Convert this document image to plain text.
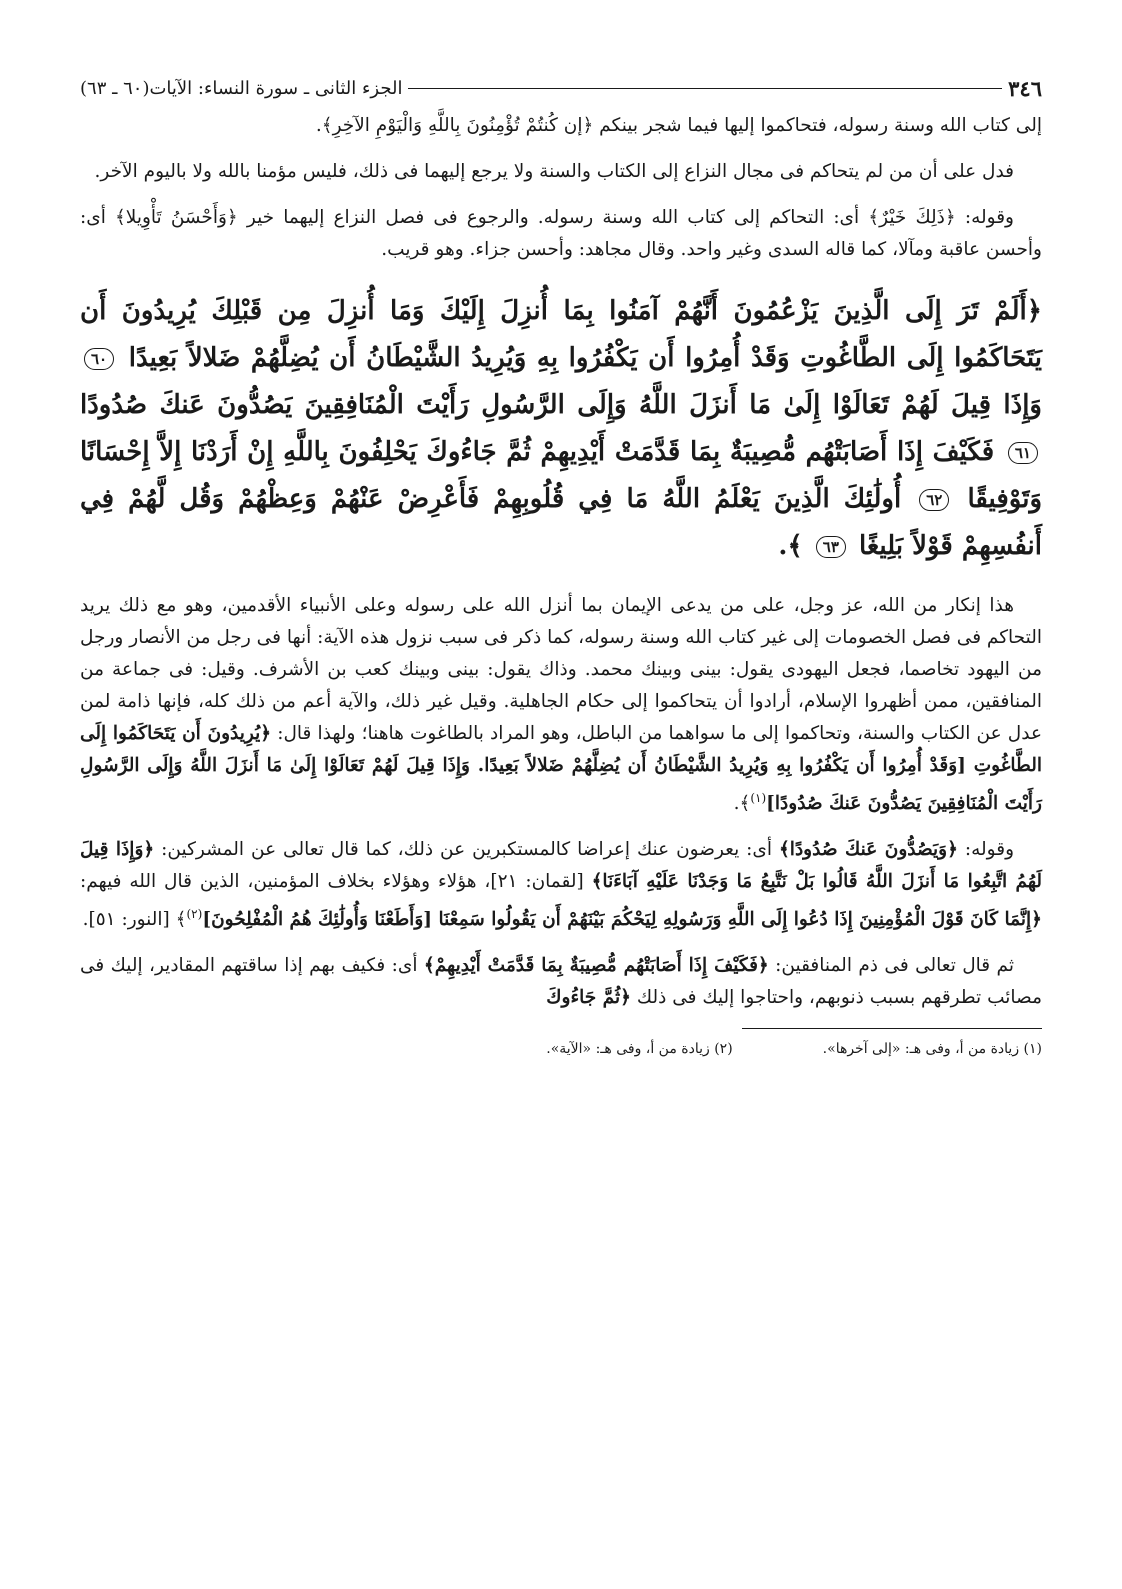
٣٤٦
الجزء الثانى ـ سورة النساء: الآيات(٦٠ ـ ٦٣)

إلى كتاب الله وسنة رسوله، فتحاكموا إليها فيما شجر بينكم ﴿إن كُنتُمْ تُؤْمِنُونَ بِاللَّهِ وَالْيَوْمِ الآخِرِ﴾.

فدل على أن من لم يتحاكم فى مجال النزاع إلى الكتاب والسنة ولا يرجع إليهما فى ذلك، فليس مؤمنا بالله ولا باليوم الآخر.

وقوله: ﴿ذَلِكَ خَيْرٌ﴾ أى: التحاكم إلى كتاب الله وسنة رسوله. والرجوع فى فصل النزاع إليهما خير ﴿وَأَحْسَنُ تَأْوِيلا﴾ أى: وأحسن عاقبة ومآلا، كما قاله السدى وغير واحد. وقال مجاهد: وأحسن جزاء. وهو قريب.

﴿أَلَمْ تَرَ إِلَى الَّذِينَ يَزْعُمُونَ أَنَّهُمْ آمَنُوا بِمَا أُنزِلَ إِلَيْكَ وَمَا أُنزِلَ مِن قَبْلِكَ يُرِيدُونَ أَن يَتَحَاكَمُوا إِلَى الطَّاغُوتِ وَقَدْ أُمِرُوا أَن يَكْفُرُوا بِهِ وَيُرِيدُ الشَّيْطَانُ أَن يُضِلَّهُمْ ضَلالاً بَعِيدًا ٦٠ وَإِذَا قِيلَ لَهُمْ تَعَالَوْا إِلَىٰ مَا أَنزَلَ اللَّهُ وَإِلَى الرَّسُولِ رَأَيْتَ الْمُنَافِقِينَ يَصُدُّونَ عَنكَ صُدُودًا ٦١ فَكَيْفَ إِذَا أَصَابَتْهُم مُّصِيبَةٌ بِمَا قَدَّمَتْ أَيْدِيهِمْ ثُمَّ جَاءُوكَ يَحْلِفُونَ بِاللَّهِ إِنْ أَرَدْنَا إِلاَّ إِحْسَانًا وَتَوْفِيقًا ٦٢ أُولَٰئِكَ الَّذِينَ يَعْلَمُ اللَّهُ مَا فِي قُلُوبِهِمْ فَأَعْرِضْ عَنْهُمْ وَعِظْهُمْ وَقُل لَّهُمْ فِي أَنفُسِهِمْ قَوْلاً بَلِيغًا ٦٣ ﴾.

هذا إنكار من الله، عز وجل، على من يدعى الإيمان بما أنزل الله على رسوله وعلى الأنبياء الأقدمين، وهو مع ذلك يريد التحاكم فى فصل الخصومات إلى غير كتاب الله وسنة رسوله، كما ذكر فى سبب نزول هذه الآية: أنها فى رجل من الأنصار ورجل من اليهود تخاصما، فجعل اليهودى يقول: بينى وبينك محمد. وذاك يقول: بينى وبينك كعب بن الأشرف. وقيل: فى جماعة من المنافقين، ممن أظهروا الإسلام، أرادوا أن يتحاكموا إلى حكام الجاهلية. وقيل غير ذلك، والآية أعم من ذلك كله، فإنها ذامة لمن عدل عن الكتاب والسنة، وتحاكموا إلى ما سواهما من الباطل، وهو المراد بالطاغوت هاهنا؛ ولهذا قال: ﴿يُرِيدُونَ أَن يَتَحَاكَمُوا إِلَى الطَّاغُوتِ [وَقَدْ أُمِرُوا أَن يَكْفُرُوا بِهِ وَيُرِيدُ الشَّيْطَانُ أَن يُضِلَّهُمْ ضَلالاً بَعِيدًا. وَإِذَا قِيلَ لَهُمْ تَعَالَوْا إِلَىٰ مَا أَنزَلَ اللَّهُ وَإِلَى الرَّسُولِ رَأَيْتَ الْمُنَافِقِينَ يَصُدُّونَ عَنكَ صُدُودًا]$^{(١)}$﴾.

وقوله: ﴿وَيَصُدُّونَ عَنكَ صُدُودًا﴾ أى: يعرضون عنك إعراضا كالمستكبرين عن ذلك، كما قال تعالى عن المشركين: ﴿وَإِذَا قِيلَ لَهُمُ اتَّبِعُوا مَا أَنزَلَ اللَّهُ قَالُوا بَلْ نَتَّبِعُ مَا وَجَدْنَا عَلَيْهِ آبَاءَنَا﴾ [لقمان: ٢١]، هؤلاء وهؤلاء بخلاف المؤمنين، الذين قال الله فيهم: ﴿إِنَّمَا كَانَ قَوْلَ الْمُؤْمِنِينَ إِذَا دُعُوا إِلَى اللَّهِ وَرَسُولِهِ لِيَحْكُمَ بَيْنَهُمْ أَن يَقُولُوا سَمِعْنَا [وَأَطَعْنَا وَأُولَٰئِكَ هُمُ الْمُفْلِحُونَ]$^{(٢)}$﴾ [النور: ٥١].

ثم قال تعالى فى ذم المنافقين: ﴿فَكَيْفَ إِذَا أَصَابَتْهُم مُّصِيبَةٌ بِمَا قَدَّمَتْ أَيْدِيهِمْ﴾ أى: فكيف بهم إذا ساقتهم المقادير، إليك فى مصائب تطرقهم بسبب ذنوبهم، واحتاجوا إليك فى ذلك ﴿ثُمَّ جَاءُوكَ

(١) زيادة من أ، وفى هـ: «إلى آخرها».
(٢) زيادة من أ، وفى هـ: «الآية».
